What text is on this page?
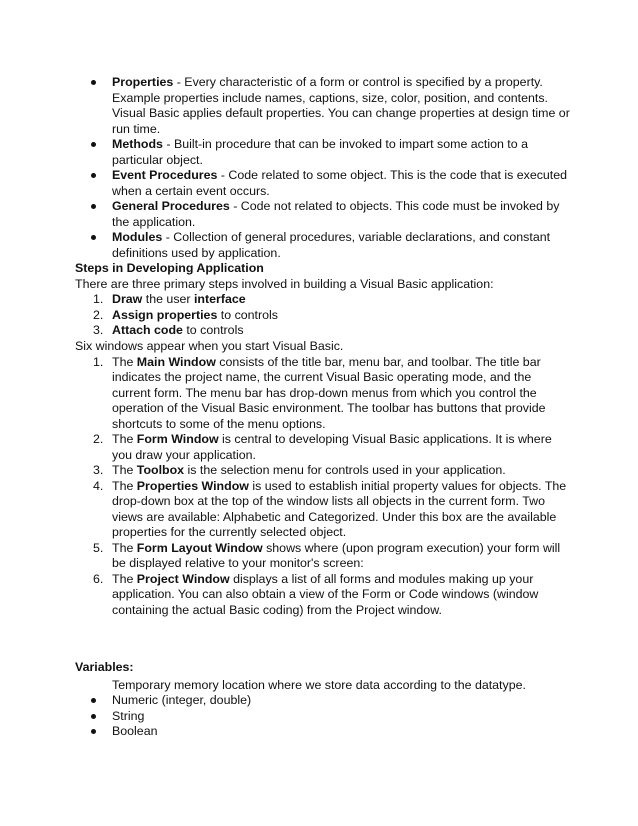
Properties - Every characteristic of a form or control is specified by a property. Example properties include names, captions, size, color, position, and contents. Visual Basic applies default properties. You can change properties at design time or run time.
Methods - Built-in procedure that can be invoked to impart some action to a particular object.
Event Procedures - Code related to some object. This is the code that is executed when a certain event occurs.
General Procedures - Code not related to objects. This code must be invoked by the application.
Modules - Collection of general procedures, variable declarations, and constant definitions used by application.
Steps in Developing Application
There are three primary steps involved in building a Visual Basic application:
1. Draw the user interface
2. Assign properties to controls
3. Attach code to controls
Six windows appear when you start Visual Basic.
1. The Main Window consists of the title bar, menu bar, and toolbar. The title bar indicates the project name, the current Visual Basic operating mode, and the current form. The menu bar has drop-down menus from which you control the operation of the Visual Basic environment. The toolbar has buttons that provide shortcuts to some of the menu options.
2. The Form Window is central to developing Visual Basic applications. It is where you draw your application.
3. The Toolbox is the selection menu for controls used in your application.
4. The Properties Window is used to establish initial property values for objects. The drop-down box at the top of the window lists all objects in the current form. Two views are available: Alphabetic and Categorized. Under this box are the available properties for the currently selected object.
5. The Form Layout Window shows where (upon program execution) your form will be displayed relative to your monitor's screen:
6. The Project Window displays a list of all forms and modules making up your application. You can also obtain a view of the Form or Code windows (window containing the actual Basic coding) from the Project window.
Variables:
Temporary memory location where we store data according to the datatype.
Numeric (integer, double)
String
Boolean
